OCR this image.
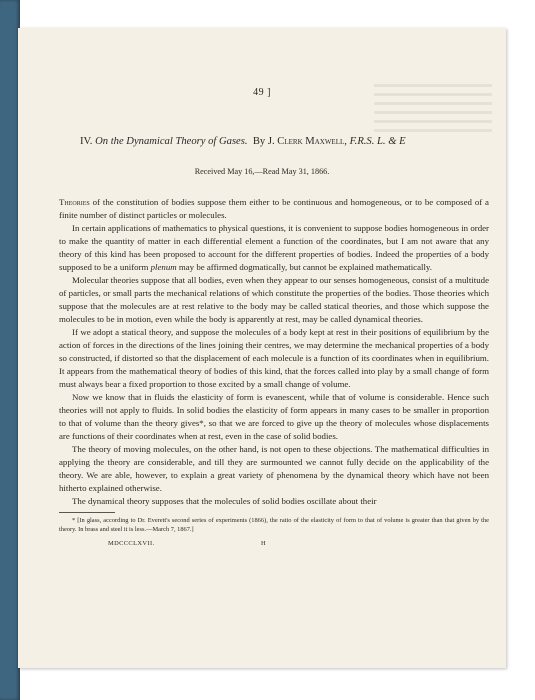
49 ]
IV. On the Dynamical Theory of Gases. By J. Clerk Maxwell, F.R.S. L. & E
Received May 16,—Read May 31, 1866.

Theories of the constitution of bodies suppose them either to be continuous and homogeneous, or to be composed of a finite number of distinct particles or molecules.

In certain applications of mathematics to physical questions, it is convenient to suppose bodies homogeneous in order to make the quantity of matter in each differential element a function of the coordinates, but I am not aware that any theory of this kind has been proposed to account for the different properties of bodies. Indeed the properties of a body supposed to be a uniform plenum may be affirmed dogmatically, but cannot be explained mathematically.

Molecular theories suppose that all bodies, even when they appear to our senses homogeneous, consist of a multitude of particles, or small parts the mechanical relations of which constitute the properties of the bodies. Those theories which suppose that the molecules are at rest relative to the body may be called statical theories, and those which suppose the molecules to be in motion, even while the body is apparently at rest, may be called dynamical theories.

If we adopt a statical theory, and suppose the molecules of a body kept at rest in their positions of equilibrium by the action of forces in the directions of the lines joining their centres, we may determine the mechanical properties of a body so constructed, if distorted so that the displacement of each molecule is a function of its coordinates when in equilibrium. It appears from the mathematical theory of bodies of this kind, that the forces called into play by a small change of form must always bear a fixed proportion to those excited by a small change of volume.

Now we know that in fluids the elasticity of form is evanescent, while that of volume is considerable. Hence such theories will not apply to fluids. In solid bodies the elasticity of form appears in many cases to be smaller in proportion to that of volume than the theory gives*, so that we are forced to give up the theory of molecules whose displacements are functions of their coordinates when at rest, even in the case of solid bodies.

The theory of moving molecules, on the other hand, is not open to these objections. The mathematical difficulties in applying the theory are considerable, and till they are surmounted we cannot fully decide on the applicability of the theory. We are able, however, to explain a great variety of phenomena by the dynamical theory which have not been hitherto explained otherwise.

The dynamical theory supposes that the molecules of solid bodies oscillate about their

* [In glass, according to Dr. Everett's second series of experiments (1866), the ratio of the elasticity of form to that of volume is greater than that given by the theory. In brass and steel it is less.—March 7, 1867.]

MDCCCLXVII.	H
